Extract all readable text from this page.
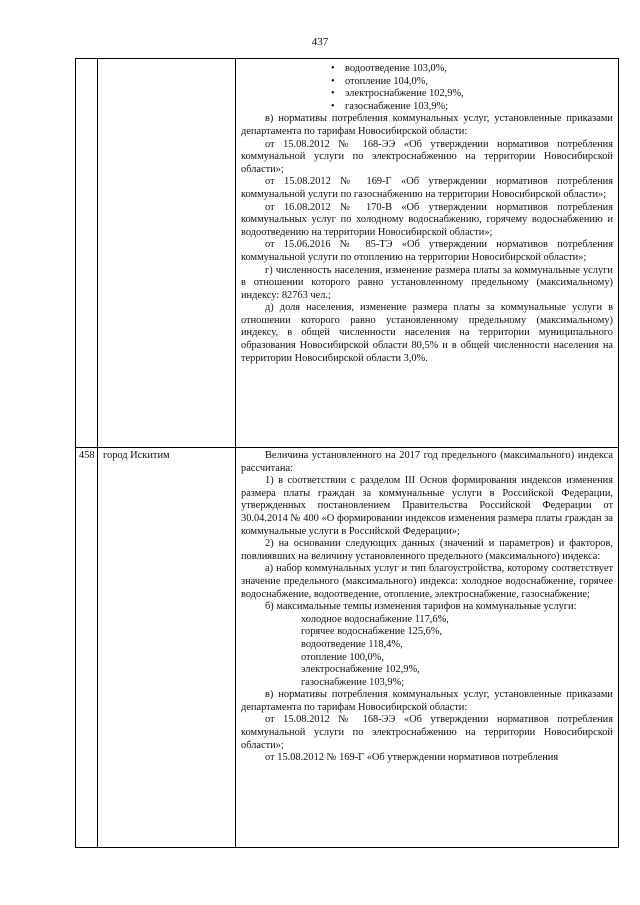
437
• водоотведение 103,0%,
• отопление 104,0%,
• электроснабжение 102,9%,
• газоснабжение 103,9%;

в) нормативы потребления коммунальных услуг, установленные приказами департамента по тарифам Новосибирской области:

от 15.08.2012 № 168-ЭЭ «Об утверждении нормативов потребления коммунальной услуги по электроснабжению на территории Новосибирской области»;

от 15.08.2012 № 169-Г «Об утверждении нормативов потребления коммунальной услуги по газоснабжению на территории Новосибирской области»;

от 16.08.2012 № 170-В «Об утверждении нормативов потребления коммунальных услуг по холодному водоснабжению, горячему водоснабжению и водоотведению на территории Новосибирской области»;

от 15.06.2016 № 85-ТЭ «Об утверждении нормативов потребления коммунальной услуги по отоплению на территории Новосибирской области»;

г) численность населения, изменение размера платы за коммунальные услуги в отношении которого равно установленному предельному (максимальному) индексу: 82763 чел.;

д) доля населения, изменение размера платы за коммунальные услуги в отношении которого равно установленному предельному (максимальному) индексу, в общей численности населения на территории муниципального образования Новосибирской области 80,5% и в общей численности населения на территории Новосибирской области 3,0%.

458 город Искитим	Величина установленного на 2017 год предельного (максимального) индекса рассчитана:

1) в соответствии с разделом III Основ формирования индексов изменения размера платы граждан за коммунальные услуги в Российской Федерации, утвержденных постановлением Правительства Российской Федерации от 30.04.2014 № 400 «О формировании индексов изменения размера платы граждан за коммунальные услуги в Российской Федерации»;

2) на основании следующих данных (значений и параметров) и факторов, повлиявших на величину установленного предельного (максимального) индекса:

а) набор коммунальных услуг и тип благоустройства, которому соответствует значение предельного (максимального) индекса: холодное водоснабжение, горячее водоснабжение, водоотведение, отопление, электроснабжение, газоснабжение;

б) максимальные темпы изменения тарифов на коммунальные услуги:

холодное водоснабжение 117,6%,

горячее водоснабжение 125,6%,

водоотведение 118,4%,

отопление 100,0%,

электроснабжение 102,9%,

газоснабжение 103,9%;

в) нормативы потребления коммунальных услуг, установленные приказами департамента по тарифам Новосибирской области:

от 15.08.2012 № 168-ЭЭ «Об утверждении нормативов потребления коммунальной услуги по электроснабжению на территории Новосибирской области»;

от 15.08.2012 № 169-Г «Об утверждении нормативов потребления
